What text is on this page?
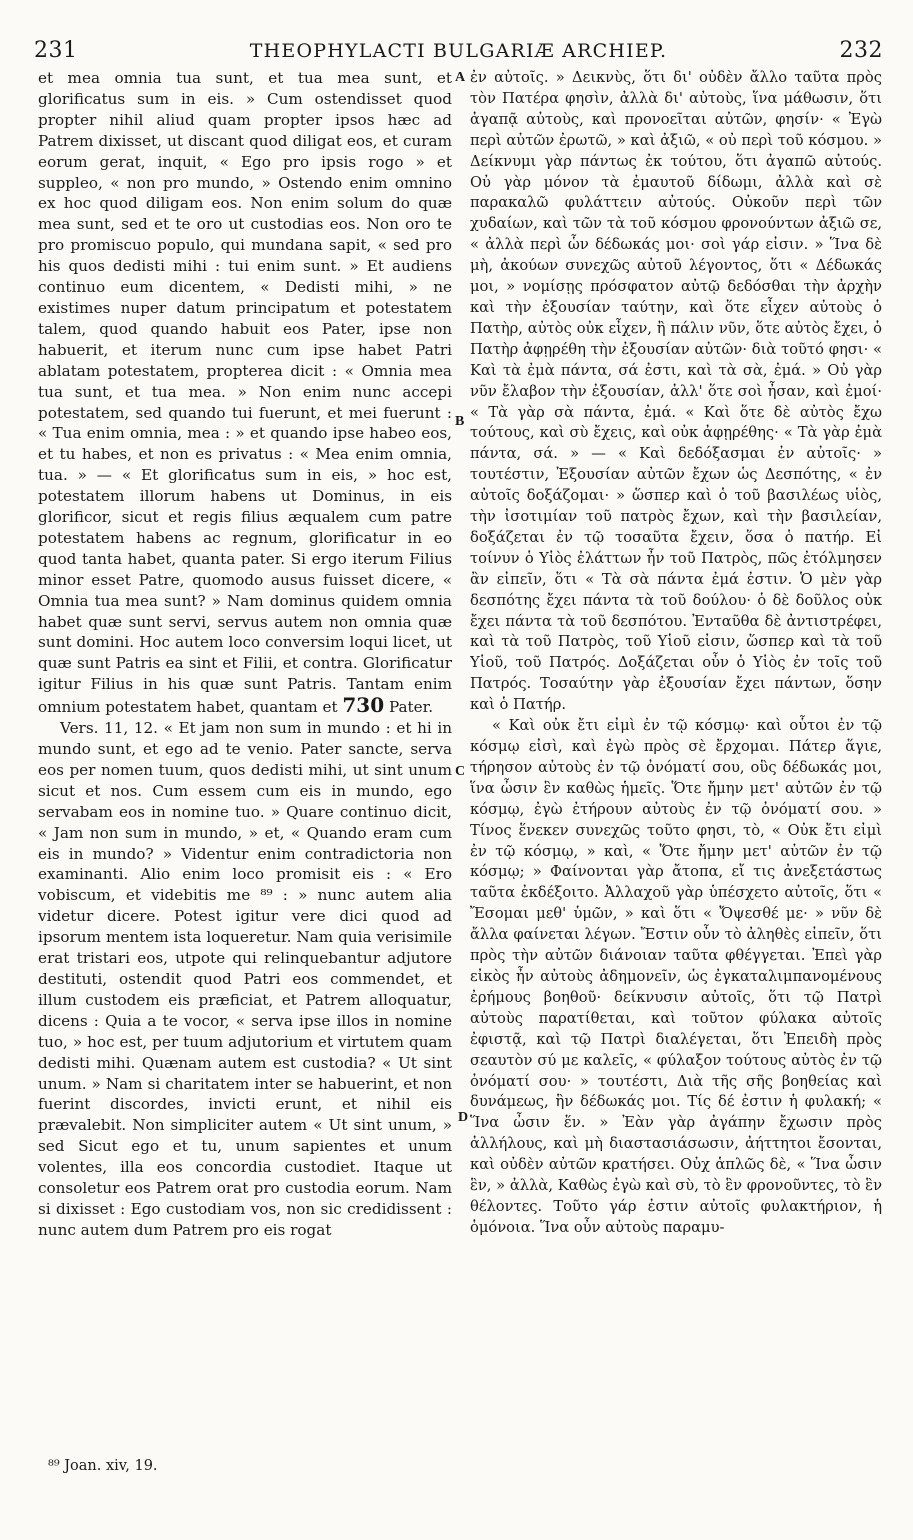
231	THEOPHYLACTI BULGARIÆ ARCHIEP.	232

et mea omnia tua sunt, et tua mea sunt, et glorificatus sum in eis. » Cum ostendisset quod propter nihil aliud quam propter ipsos hæc ad Patrem dixisset, ut discant quod diligat eos, et curam eorum gerat, inquit, « Ego pro ipsis rogo » et suppleo, « non pro mundo, » Ostendo enim omnino ex hoc quod diligam eos. Non enim solum do quæ mea sunt, sed et te oro ut custodias eos. Non oro te pro promiscuo populo, qui mundana sapit, « sed pro his quos dedisti mihi : tui enim sunt. » Et audiens continuo eum dicentem, « Dedisti mihi, » ne existimes nuper datum principatum et potestatem talem, quod quando habuit eos Pater, ipse non habuerit, et iterum nunc cum ipse habet Patri ablatam potestatem, propterea dicit : « Omnia mea tua sunt, et tua mea. » Non enim nunc accepi potestatem, sed quando tui fuerunt, et mei fuerunt : « Tua enim omnia, mea : » et quando ipse habeo eos, et tu habes, et non es privatus : « Mea enim omnia, tua. » — « Et glorificatus sum in eis, » hoc est, potestatem illorum habens ut Dominus, in eis glorificor, sicut et regis filius æqualem cum patre potestatem habens ac regnum, glorificatur in eo quod tanta habet, quanta pater. Si ergo iterum Filius minor esset Patre, quomodo ausus fuisset dicere, « Omnia tua mea sunt? » Nam dominus quidem omnia habet quæ sunt servi, servus autem non omnia quæ sunt domini. Hoc autem loco conversim loqui licet, ut quæ sunt Patris ea sint et Filii, et contra. Glorificatur igitur Filius in his quæ sunt Patris. Tantam enim omnium potestatem habet, quantam et 730 Pater.

Vers. 11, 12. « Et jam non sum in mundo : et hi in mundo sunt, et ego ad te venio. Pater sancte, serva eos per nomen tuum, quos dedisti mihi, ut sint unum sicut et nos. Cum essem cum eis in mundo, ego servabam eos in nomine tuo. » Quare continuo dicit, « Jam non sum in mundo, » et, « Quando eram cum eis in mundo? » Videntur enim contradictoria non examinanti. Alio enim loco promisit eis : « Ero vobiscum, et videbitis me ⁸⁹ : » nunc autem alia videtur dicere. Potest igitur vere dici quod ad ipsorum mentem ista loqueretur. Nam quia verisimile erat tristari eos, utpote qui relinquebantur adjutore destituti, ostendit quod Patri eos commendet, et illum custodem eis præficiat, et Patrem alloquatur, dicens : Quia a te vocor, « serva ipse illos in nomine tuo, » hoc est, per tuum adjutorium et virtutem quam dedisti mihi. Quænam autem est custodia? « Ut sint unum. » Nam si charitatem inter se habuerint, et non fuerint discordes, invicti erunt, et nihil eis prævalebit. Non simpliciter autem « Ut sint unum, » sed Sicut ego et tu, unum sapientes et unum volentes, illa eos concordia custodiet. Itaque ut consoletur eos Patrem orat pro custodia eorum. Nam si dixisset : Ego custodiam vos, non sic credidissent : nunc autem dum Patrem pro eis rogat

ἐν αὐτοῖς. » Δεικνὺς, ὅτι δι' οὐδὲν ἄλλο ταῦτα πρὸς τὸν Πατέρα φησὶν, ἀλλὰ δι' αὐτοὺς, ἵνα μάθωσιν, ὅτι ἀγαπᾷ αὐτοὺς, καὶ προνοεῖται αὐτῶν, φησίν· « Ἐγὼ περὶ αὐτῶν ἐρωτῶ, » καὶ ἀξιῶ, « οὐ περὶ τοῦ κόσμου. » Δείκνυμι γὰρ πάντως ἐκ τούτου, ὅτι ἀγαπῶ αὐτούς. Οὐ γὰρ μόνον τὰ ἐμαυτοῦ δίδωμι, ἀλλὰ καὶ σὲ παρακαλῶ φυλάττειν αὐτούς. Οὐκοῦν περὶ τῶν χυδαίων, καὶ τῶν τὰ τοῦ κόσμου φρονούντων ἀξιῶ σε, « ἀλλὰ περὶ ὧν δέδωκάς μοι· σοὶ γάρ εἰσιν. » Ἵνα δὲ μὴ, ἀκούων συνεχῶς αὐτοῦ λέγοντος, ὅτι « Δέδωκάς μοι, » νομίσῃς πρόσφατον αὐτῷ δεδόσθαι τὴν ἀρχὴν καὶ τὴν ἐξουσίαν ταύτην, καὶ ὅτε εἶχεν αὐτοὺς ὁ Πατὴρ, αὐτὸς οὐκ εἶχεν, ἢ πάλιν νῦν, ὅτε αὐτὸς ἔχει, ὁ Πατὴρ ἀφῃρέθη τὴν ἐξουσίαν αὐτῶν· διὰ τοῦτό φησι· « Καὶ τὰ ἐμὰ πάντα, σά ἐστι, καὶ τὰ σὰ, ἐμά. » Οὐ γὰρ νῦν ἔλαβον τὴν ἐξουσίαν, ἀλλ' ὅτε σοὶ ἦσαν, καὶ ἐμοί· « Τὰ γὰρ σὰ πάντα, ἐμά. « Καὶ ὅτε δὲ αὐτὸς ἔχω τούτους, καὶ σὺ ἔχεις, καὶ οὐκ ἀφῃρέθης· « Τὰ γὰρ ἐμὰ πάντα, σά. » — « Καὶ δεδόξασμαι ἐν αὐτοῖς· » τουτέστιν, Ἐξουσίαν αὐτῶν ἔχων ὡς Δεσπότης, « ἐν αὐτοῖς δοξάζομαι· » ὥσπερ καὶ ὁ τοῦ βασιλέως υἱὸς, τὴν ἰσοτιμίαν τοῦ πατρὸς ἔχων, καὶ τὴν βασιλείαν, δοξάζεται ἐν τῷ τοσαῦτα ἔχειν, ὅσα ὁ πατήρ. Εἰ τοίνυν ὁ Υἱὸς ἐλάττων ἦν τοῦ Πατρὸς, πῶς ἐτόλμησεν ἂν εἰπεῖν, ὅτι « Τὰ σὰ πάντα ἐμά ἐστιν. Ὁ μὲν γὰρ δεσπότης ἔχει πάντα τὰ τοῦ δούλου· ὁ δὲ δοῦλος οὐκ ἔχει πάντα τὰ τοῦ δεσπότου. Ἐνταῦθα δὲ ἀντιστρέφει, καὶ τὰ τοῦ Πατρὸς, τοῦ Υἱοῦ εἰσιν, ὥσπερ καὶ τὰ τοῦ Υἱοῦ, τοῦ Πατρός. Δοξάζεται οὖν ὁ Υἱὸς ἐν τοῖς τοῦ Πατρός. Τοσαύτην γὰρ ἐξουσίαν ἔχει πάντων, ὅσην καὶ ὁ Πατήρ.

« Καὶ οὐκ ἔτι εἰμὶ ἐν τῷ κόσμῳ· καὶ οὗτοι ἐν τῷ κόσμῳ εἰσὶ, καὶ ἐγὼ πρὸς σὲ ἔρχομαι. Πάτερ ἅγιε, τήρησον αὐτοὺς ἐν τῷ ὀνόματί σου, οὓς δέδωκάς μοι, ἵνα ὦσιν ἓν καθὼς ἡμεῖς. Ὅτε ἤμην μετ' αὐτῶν ἐν τῷ κόσμῳ, ἐγὼ ἐτήρουν αὐτοὺς ἐν τῷ ὀνόματί σου. » Τίνος ἕνεκεν συνεχῶς τοῦτο φησι, τὸ, « Οὐκ ἔτι εἰμὶ ἐν τῷ κόσμῳ, » καὶ, « Ὅτε ἤμην μετ' αὐτῶν ἐν τῷ κόσμῳ; » Φαίνονται γὰρ ἄτοπα, εἴ τις ἀνεξετάστως ταῦτα ἐκδέξοιτο. Ἀλλαχοῦ γὰρ ὑπέσχετο αὐτοῖς, ὅτι « Ἔσομαι μεθ' ὑμῶν, » καὶ ὅτι « Ὄψεσθέ με· » νῦν δὲ ἄλλα φαίνεται λέγων. Ἔστιν οὖν τὸ ἀληθὲς εἰπεῖν, ὅτι πρὸς τὴν αὐτῶν διάνοιαν ταῦτα φθέγγεται. Ἐπεὶ γὰρ εἰκὸς ἦν αὐτοὺς ἀδημονεῖν, ὡς ἐγκαταλιμπανομένους ἐρήμους βοηθοῦ· δείκνυσιν αὐτοῖς, ὅτι τῷ Πατρὶ αὐτοὺς παρατίθεται, καὶ τοῦτον φύλακα αὐτοῖς ἐφιστᾷ, καὶ τῷ Πατρὶ διαλέγεται, ὅτι Ἐπειδὴ πρὸς σεαυτὸν σύ με καλεῖς, « φύλαξον τούτους αὐτὸς ἐν τῷ ὀνόματί σου· » τουτέστι, Διὰ τῆς σῆς βοηθείας καὶ δυνάμεως, ἣν δέδωκάς μοι. Τίς δέ ἐστιν ἡ φυλακή; « Ἵνα ὦσιν ἕν. » Ἐὰν γὰρ ἀγάπην ἔχωσιν πρὸς ἀλλήλους, καὶ μὴ διαστασιάσωσιν, ἀήττητοι ἔσονται, καὶ οὐδὲν αὐτῶν κρατήσει. Οὐχ ἁπλῶς δὲ, « Ἵνα ὦσιν ἓν, » ἀλλὰ, Καθὼς ἐγὼ καὶ σὺ, τὸ ἓν φρονοῦντες, τὸ ἓν θέλοντες. Τοῦτο γάρ ἐστιν αὐτοῖς φυλακτήριον, ἡ ὁμόνοια. Ἵνα οὖν αὐτοὺς παραμυ-

A
B
C
D
⁸⁹ Joan. xiv, 19.
